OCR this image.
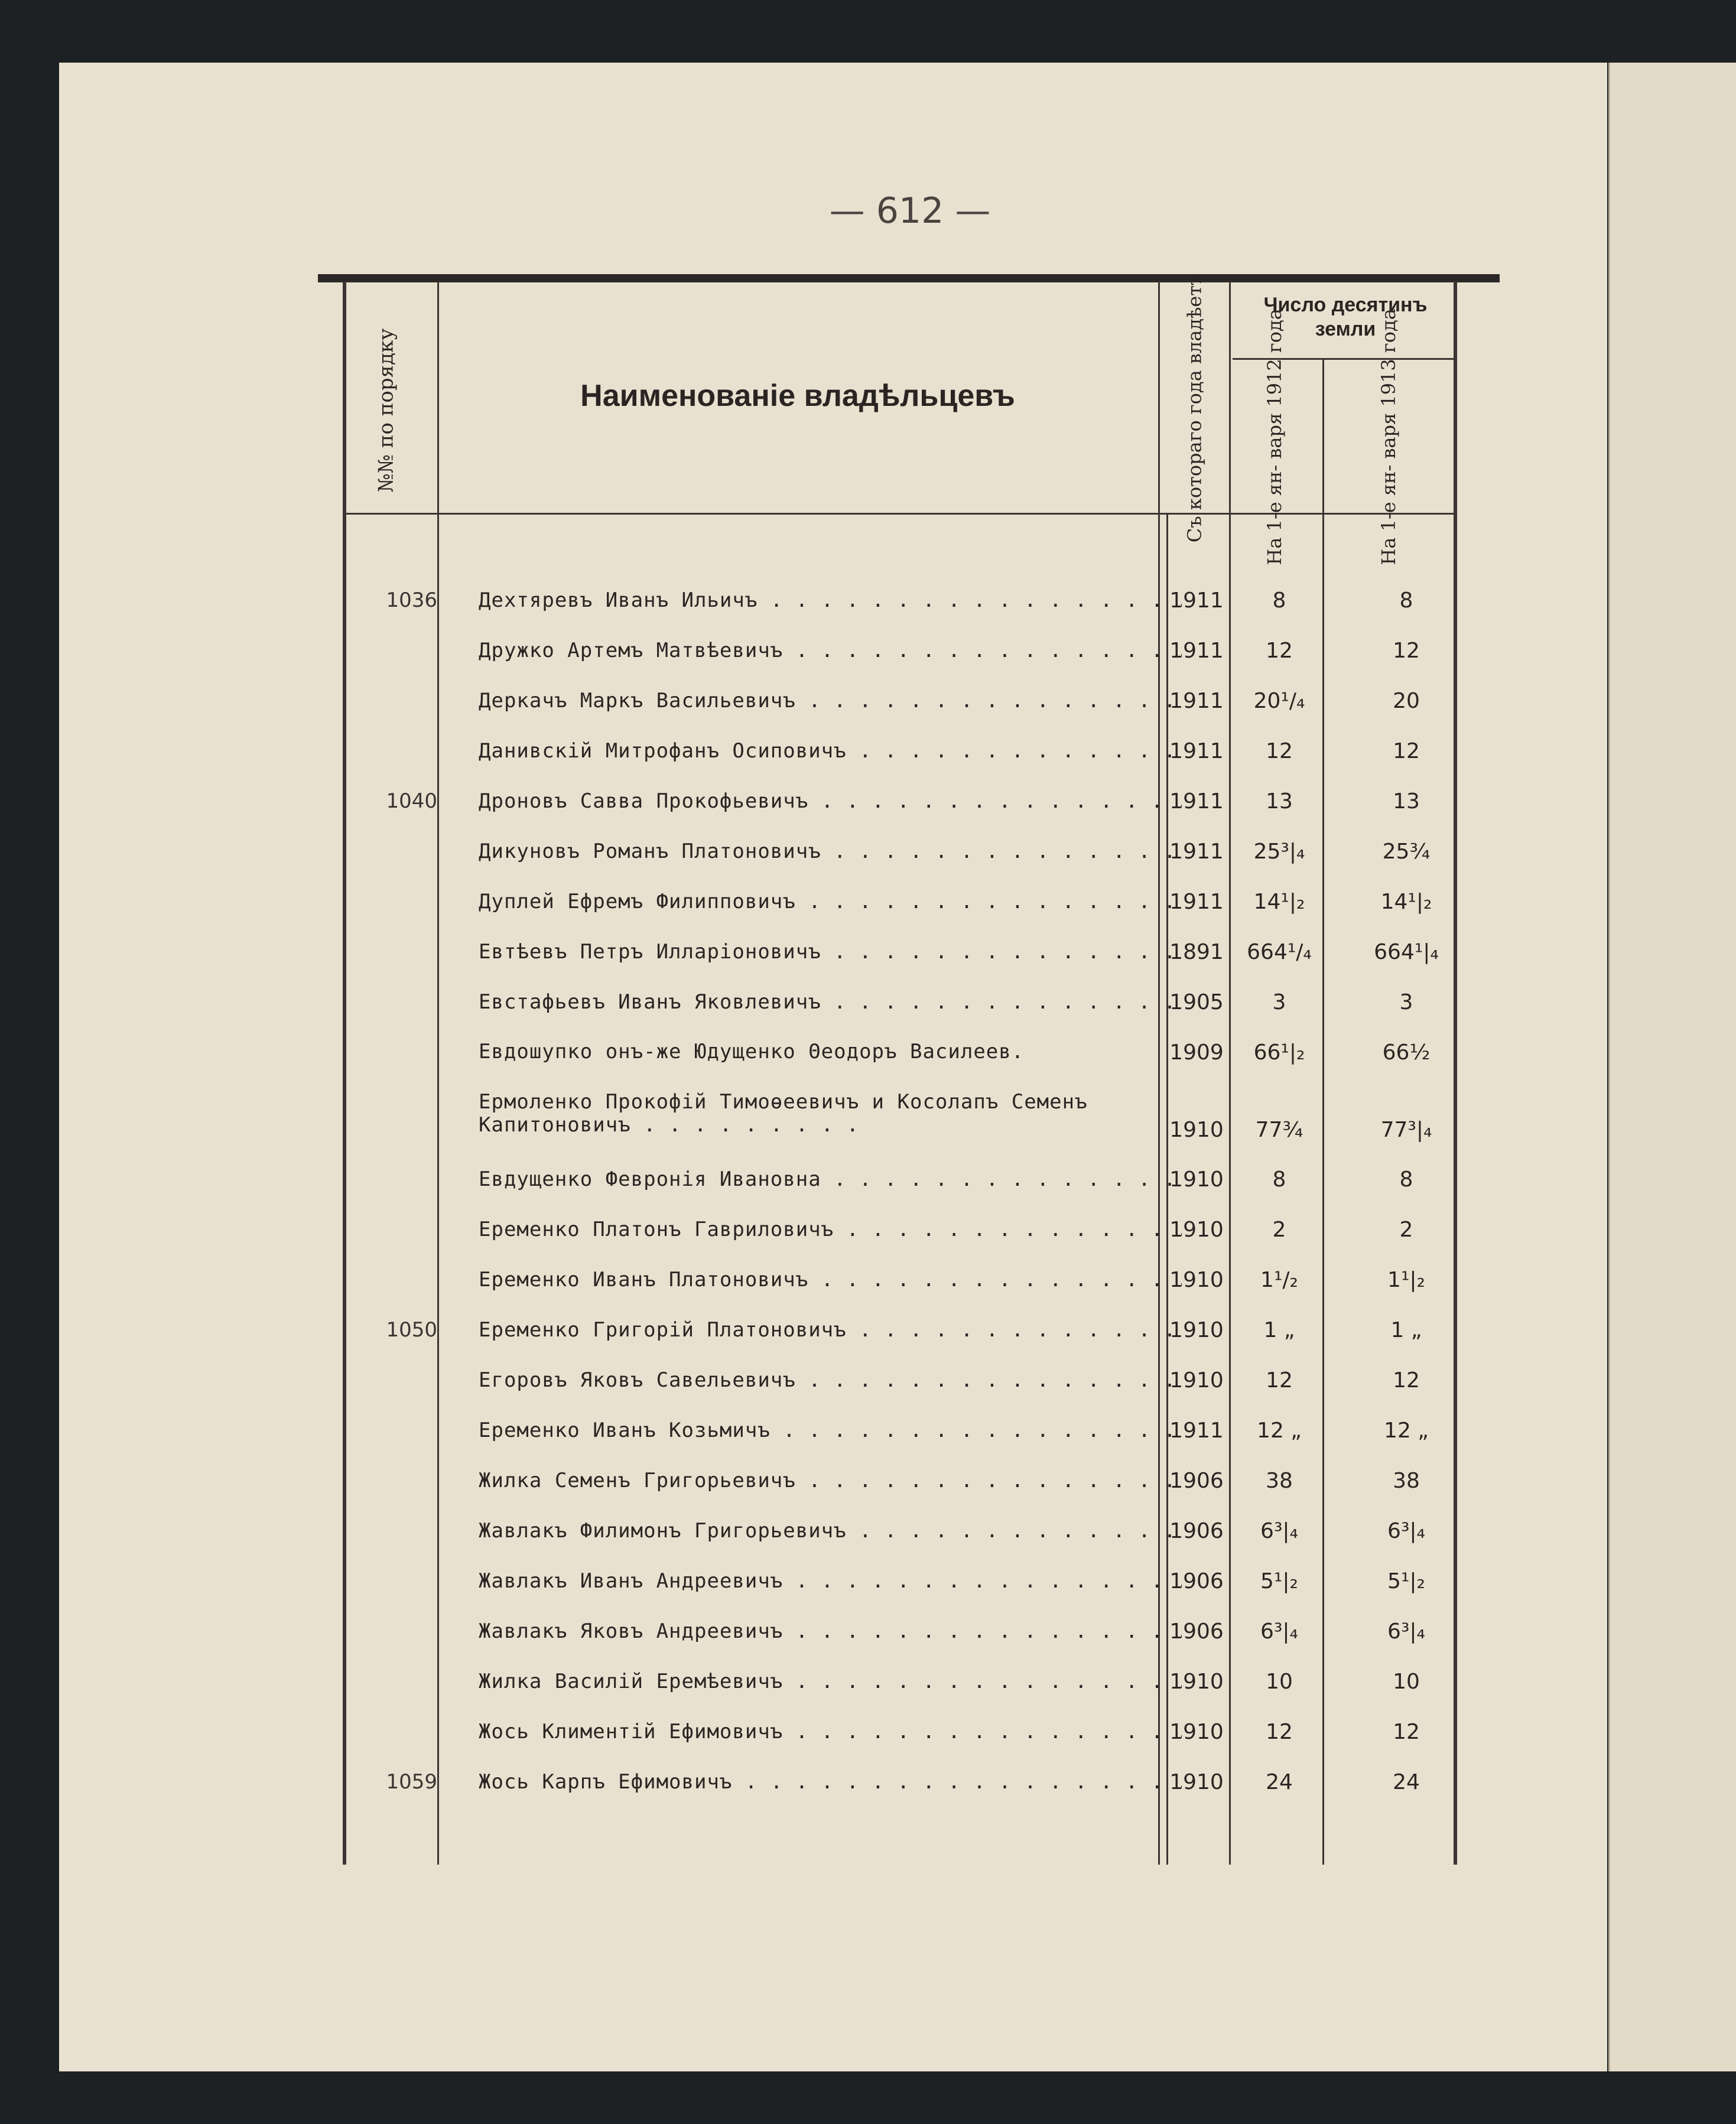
— 612 —
№№ по порядку	Наименованіе владѣльцевъ	Съ котораго года владѣетъ	Число десятинъ земли
На 1-е ян- варя 1912 года	На 1-е ян- варя 1913 года
1036 Дехтяревъ Иванъ Ильичъ . . .	1911	8	8
Дружко Артемъ Матвѣевичъ . . .	1911	12	12
Деркачъ Маркъ Васильевичъ . . .	1911	20¹/₄	20
Данивскій Митрофанъ Осиповичъ . . .	1911	12	12
1040 Дроновъ Савва Прокофьевичъ . . .	1911	13	13
Дикуновъ Романъ Платоновичъ . . .	1911	25³|₄	25¾
Дуплей Ефремъ Филипповичъ . . .	1911	14¹|₂	14¹|₂
Евтѣевъ Петръ Илларіоновичъ . . .	1891	664¹/₄	664¹|₄
Евстафьевъ Иванъ Яковлевичъ . . .	1905	3	3
Евдошупко онъ-же Юдущенко Θеодоръ Василеев.	1909	66¹|₂	66½
Ермоленко Прокофій Тимоѳеевичъ и Косолапъ Семенъ Капитоновичъ . . . . . . . . .	1910	77¾	77³|₄
Евдущенко Февронія Ивановна . . .	1910	8	8
Еременко Платонъ Гавриловичъ . . .	1910	2	2
Еременко Иванъ Платоновичъ . . .	1910	1¹/₂	1¹|₂
1050 Еременко Григорій Платоновичъ . . .	1910	1 „	1 „
Егоровъ Яковъ Савельевичъ . . .	1910	12	12
Еременко Иванъ Козьмичъ . . .	1911	12 „	12 „
Жилка Семенъ Григорьевичъ . . .	1906	38	38
Жавлакъ Филимонъ Григорьевичъ . . .	1906	6³|₄	6³|₄
Жавлакъ Иванъ Андреевичъ . . .	1906	5¹|₂	5¹|₂
Жавлакъ Яковъ Андреевичъ . . .	1906	6³|₄	6³|₄
Жилка Василій Еремѣевичъ . . .	1910	10	10
Жось Климентій Ефимовичъ . . .	1910	12	12
1059 Жось Карпъ Ефимовичъ . . .	1910	24	24
